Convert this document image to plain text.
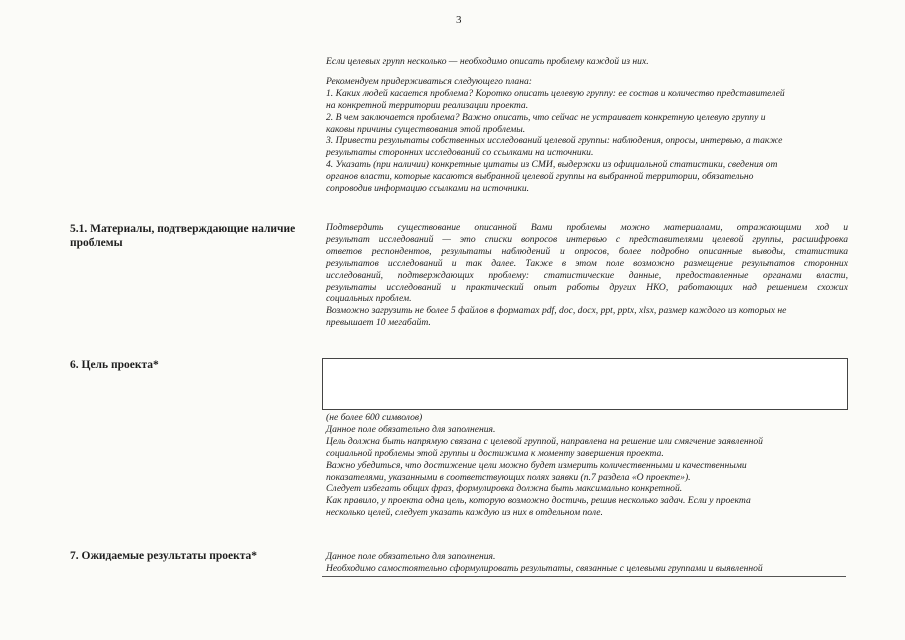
3
Если целевых групп несколько — необходимо описать проблему каждой из них.
Рекомендуем придерживаться следующего плана:
1. Каких людей касается проблема? Коротко описать целевую группу: ее состав и количество представителей
на конкретной территории реализации проекта.
2. В чем заключается проблема? Важно описать, что сейчас не устраивает конкретную целевую группу и
каковы причины существования этой проблемы.
3. Привести результаты собственных исследований целевой группы: наблюдения, опросы, интервью, а также
результаты сторонних исследований со ссылками на источники.
4. Указать (при наличии) конкретные цитаты из СМИ, выдержки из официальной статистики, сведения от
органов власти, которые касаются выбранной целевой группы на выбранной территории, обязательно
сопроводив информацию ссылками на источники.
5.1. Материалы, подтверждающие наличие
проблемы
Подтвердить существование описанной Вами проблемы можно материалами, отражающими ход и
результат исследований — это списки вопросов интервью с представителями целевой группы, расшифровка
ответов респондентов, результаты наблюдений и опросов, более подробно описанные выводы, статистика
результатов исследований и так далее. Также в этом поле возможно размещение результатов сторонних
исследований, подтверждающих проблему: статистические данные, предоставленные органами власти,
результаты исследований и практический опыт работы других НКО, работающих над решением схожих
социальных проблем.
Возможно загрузить не более 5 файлов в форматах pdf, doc, docx, ppt, pptx, xlsx, размер каждого из которых не
превышает 10 мегабайт.
6. Цель проекта*
(не более 600 символов)
Данное поле обязательно для заполнения.
Цель должна быть напрямую связана с целевой группой, направлена на решение или смягчение заявленной
социальной проблемы этой группы и достижима к моменту завершения проекта.
Важно убедиться, что достижение цели можно будет измерить количественными и качественными
показателями, указанными в соответствующих полях заявки (п.7 раздела «О проекте»).
Следует избегать общих фраз, формулировка должна быть максимально конкретной.
Как правило, у проекта одна цель, которую возможно достичь, решив несколько задач. Если у проекта
несколько целей, следует указать каждую из них в отдельном поле.
7. Ожидаемые результаты проекта*	Данное поле обязательно для заполнения.
Необходимо самостоятельно сформулировать результаты, связанные с целевыми группами и выявленной
